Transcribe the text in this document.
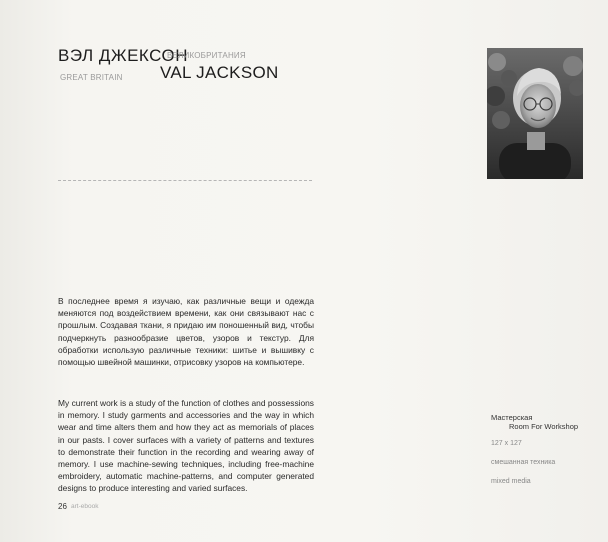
ВЭЛ ДЖЕКСОН
ВЕЛИКОБРИТАНИЯ
GREAT BRITAIN VAL JACKSON
В последнее время я изучаю, как различные вещи и одежда меняются под воздействием времени, как они связывают нас с прошлым. Создавая ткани, я придаю им поношенный вид, чтобы подчеркнуть разнообразие цветов, узоров и текстур. Для обработки использую различные техники: шитье и вышивку с помощью швейной машинки, отрисовку узоров на компьютере.
My current work is a study of the function of clothes and possessions in memory. I study garments and accessories and the way in which wear and time alters them and how they act as memorials of places in our pasts. I cover surfaces with a variety of patterns and textures to demonstrate their function in the recording and wearing away of memory. I use machine-sewing techniques, including free-machine embroidery, automatic machine-patterns, and computer generated designs to produce interesting and varied surfaces.
Мастерская
Room For Workshop
127 x 127
смешанная техника
mixed media
26 art-ebook
